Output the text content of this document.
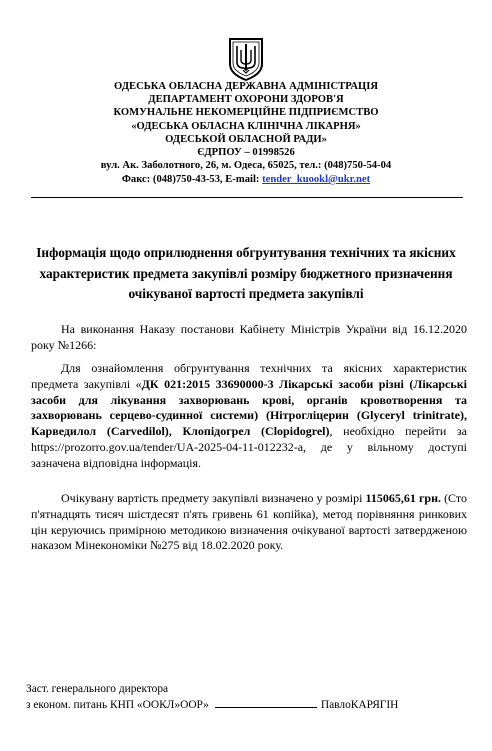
ОДЕСЬКА ОБЛАСНА ДЕРЖАВНА АДМІНІСТРАЦІЯ
ДЕПАРТАМЕНТ ОХОРОНИ ЗДОРОВ'Я
КОМУНАЛЬНЕ НЕКОМЕРЦІЙНЕ ПІДПРИЄМСТВО
«ОДЕСЬКА ОБЛАСНА КЛІНІЧНА ЛІКАРНЯ»
ОДЕСЬКОЙ ОБЛАСНОЙ РАДИ»
ЄДРПОУ – 01998526
вул. Ак. Заболотного, 26, м. Одеса, 65025, тел.: (048)750-54-04
Факс: (048)750-43-53, E-mail: tender_kuookl@ukr.net
Інформація щодо оприлюднення обгрунтування технічних та якісних характеристик предмета закупівлі розміру бюджетного призначення очікуваної вартості предмета закупівлі
На виконання Наказу постанови Кабінету Міністрів України від 16.12.2020 року №1266:
Для ознайомлення обгрунтування технічних та якісних характеристик предмета закупівлі «ДК 021:2015 33690000-3 Лікарські засоби різні (Лікарські засоби для лікування захворювань крові, органів кровотворення та захворювань серцево-судинної системи) (Нітрогліцерин (Glyceryl trinitrate), Карведилол (Carvedilol), Клопідогрел (Clopidogrel), необхідно перейти за https://prozorro.gov.ua/tender/UA-2025-04-11-012232-а, де у вільному доступі зазначена відповідна інформація.
Очікувану вартість предмету закупівлі визначено у розмірі 115065,61 грн. (Сто п'ятнадцять тисяч шістдесят п'ять гривень 61 копійка), метод порівняння ринкових цін керуючись примірною методикою визначення очікуваної вартості затвердженою наказом Мінекономіки №275 від 18.02.2020 року.
Заст. генерального директора
з економ. питань КНП «ООКЛ»ООР»	ПавлоКАРЯГІН
